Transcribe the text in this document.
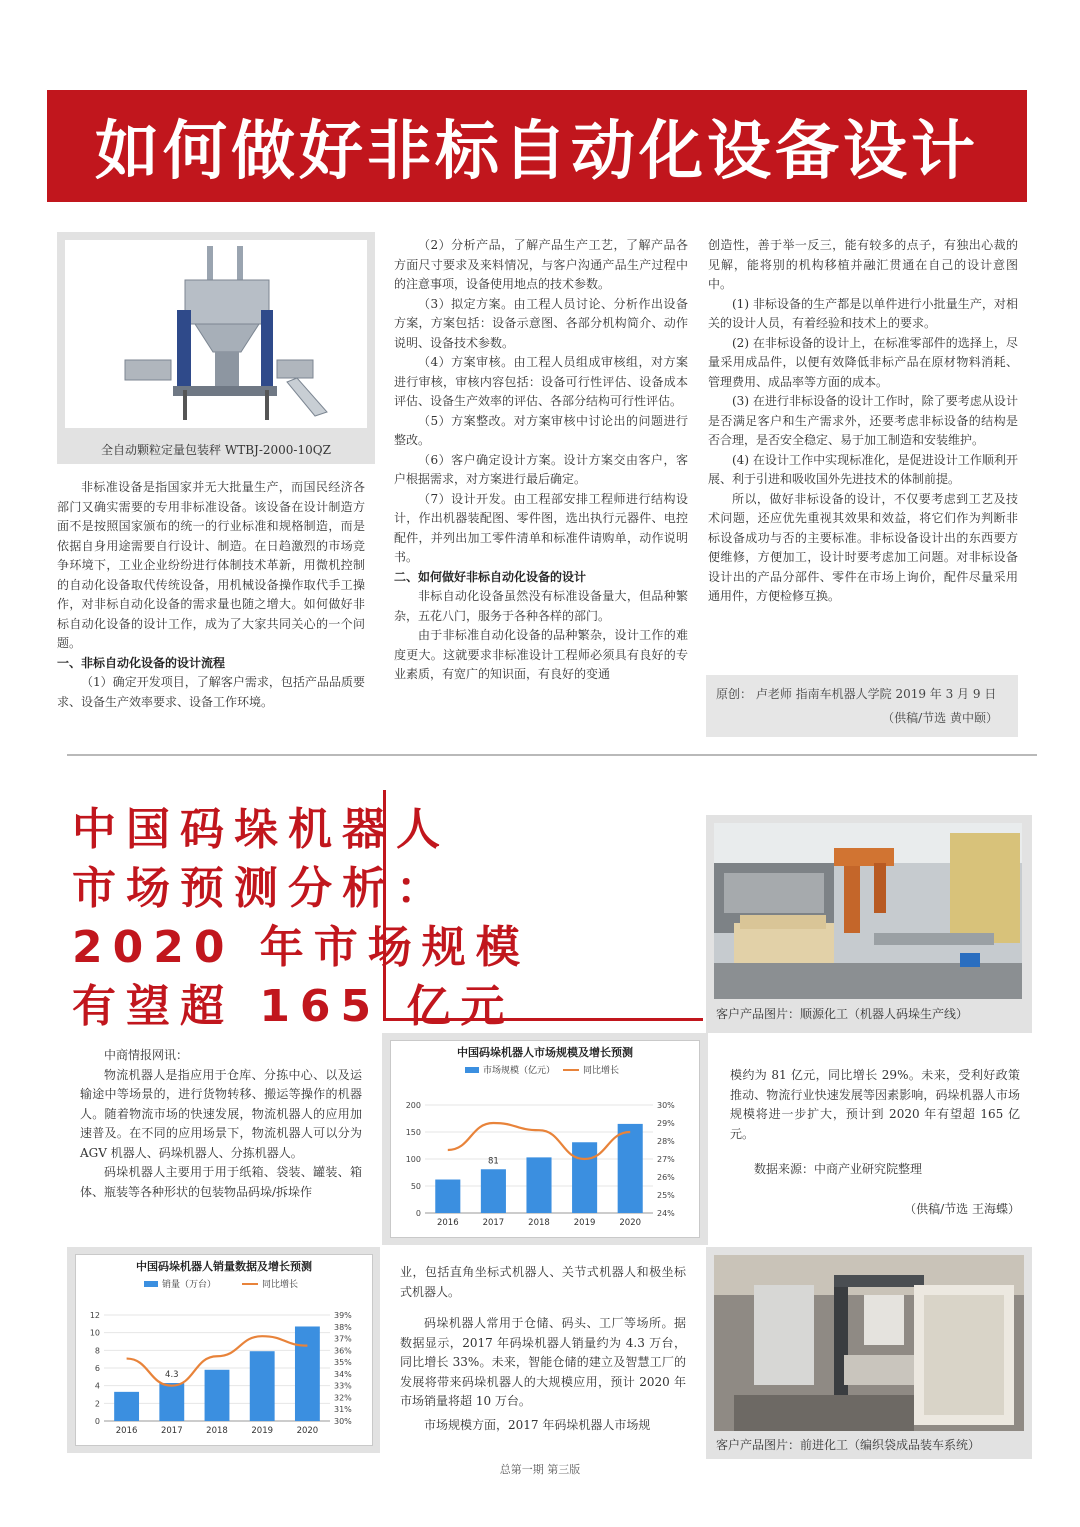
如何做好非标自动化设备设计
全自动颗粒定量包装秤 WTBJ-2000-10QZ

非标准设备是指国家并无大批量生产，而国民经济各部门又确实需要的专用非标准设备。该设备在设计制造方面不是按照国家颁布的统一的行业标准和规格制造，而是依据自身用途需要自行设计、制造。在日趋激烈的市场竞争环境下，工业企业纷纷进行体制技术革新，用微机控制的自动化设备取代传统设备，用机械设备操作取代手工操作，对非标自动化设备的需求量也随之增大。如何做好非标自动化设备的设计工作，成为了大家共同关心的一个问题。

一、非标自动化设备的设计流程

（1）确定开发项目，了解客户需求，包括产品品质要求、设备生产效率要求、设备工作环境。

（2）分析产品，了解产品生产工艺，了解产品各方面尺寸要求及来料情况，与客户沟通产品生产过程中的注意事项，设备使用地点的技术参数。

（3）拟定方案。由工程人员讨论、分析作出设备方案，方案包括：设备示意图、各部分机构简介、动作说明、设备技术参数。

（4）方案审核。由工程人员组成审核组，对方案进行审核，审核内容包括：设备可行性评估、设备成本评估、设备生产效率的评估、各部分结构可行性评估。

（5）方案整改。对方案审核中讨论出的问题进行整改。

（6）客户确定设计方案。设计方案交由客户，客户根据需求，对方案进行最后确定。

（7）设计开发。由工程部安排工程师进行结构设计，作出机器装配图、零件图，选出执行元器件、电控配件，并列出加工零件清单和标准件请购单，动作说明书。

二、如何做好非标自动化设备的设计

非标自动化设备虽然没有标准设备量大，但品种繁杂，五花八门，服务于各种各样的部门。

由于非标准自动化设备的品种繁杂，设计工作的难度更大。这就要求非标准设计工程师必须具有良好的专业素质，有宽广的知识面，有良好的变通

创造性，善于举一反三，能有较多的点子，有独出心裁的见解，能将别的机构移植并融汇贯通在自己的设计意图中。

(1) 非标设备的生产都是以单件进行小批量生产，对相关的设计人员，有着经验和技术上的要求。

(2) 在非标设备的设计上，在标准零部件的选择上，尽量采用成品件，以便有效降低非标产品在原材物料消耗、管理费用、成品率等方面的成本。

(3) 在进行非标设备的设计工作时，除了要考虑从设计是否满足客户和生产需求外，还要考虑非标设备的结构是否合理，是否安全稳定、易于加工制造和安装维护。

(4) 在设计工作中实现标准化，是促进设计工作顺利开展、利于引进和吸收国外先进技术的体制前提。

所以，做好非标设备的设计，不仅要考虑到工艺及技术问题，还应优先重视其效果和效益，将它们作为判断非标设备成功与否的主要标准。非标设备设计出的东西要方便维修，方便加工，设计时要考虑加工问题。对非标设备设计出的产品分部件、零件在市场上询价，配件尽量采用通用件，方便检修互换。

原创： 卢老师 指南车机器人学院 2019 年 3 月 9 日
（供稿/节选 黄中颐）
中国码垛机器人
市场预测分析：
2020 年市场规模
有望超 165 亿元	客户产品图片：顺源化工（机器人码垛生产线）

中商情报网讯：

物流机器人是指应用于仓库、分拣中心、以及运输途中等场景的，进行货物转移、搬运等操作的机器人。随着物流市场的快速发展，物流机器人的应用加速普及。在不同的应用场景下，物流机器人可以分为 AGV 机器人、码垛机器人、分拣机器人。

码垛机器人主要用于用于纸箱、袋装、罐装、箱体、瓶装等各种形状的包装物品码垛/拆垛作

中国码垛机器人市场规模及增长预测
市场规模（亿元）	同比增长
0
50
100
150
200
24%
25%
26%
27%
28%
29%
30%
2016	2017	2018	2019	2020
81

模约为 81 亿元，同比增长 29%。未来，受利好政策推动、物流行业快速发展等因素影响，码垛机器人市场规模将进一步扩大，预计到 2020 年有望超 165 亿元。

数据来源：中商产业研究院整理

（供稿/节选 王海蝶）

中国码垛机器人销量数据及增长预测
销量（万台）	同比增长
0
2
4
6
8
10
12
30%
31%
32%
33%
34%
35%
36%
37%
38%
39%
2016	2017	2018	2019	2020
4.3

业，包括直角坐标式机器人、关节式机器人和极坐标式机器人。

码垛机器人常用于仓储、码头、工厂等场所。据数据显示，2017 年码垛机器人销量约为 4.3 万台，同比增长 33%。未来，智能仓储的建立及智慧工厂的发展将带来码垛机器人的大规模应用，预计 2020 年市场销量将超 10 万台。

市场规模方面，2017 年码垛机器人市场规

客户产品图片：前进化工（编织袋成品装车系统）
总第一期 第三版
